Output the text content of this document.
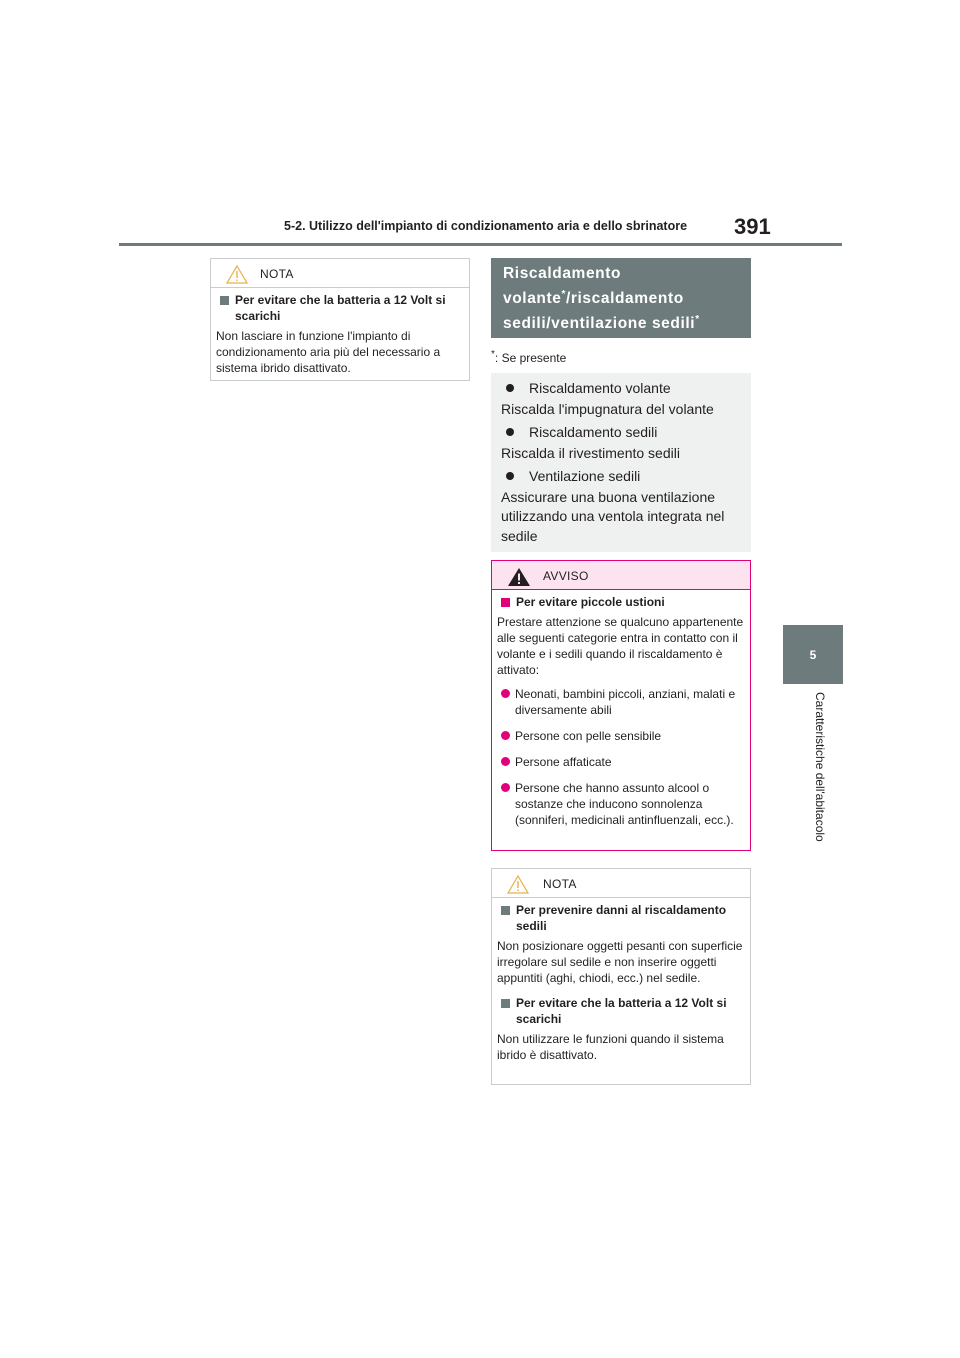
5-2. Utilizzo dell'impianto di condizionamento aria e dello sbrinatore 391
5
Caratteristiche dell'abitacolo
NOTA
Per evitare che la batteria a 12 Volt si scarichi
Non lasciare in funzione l'impianto di condizionamento aria più del necessario a sistema ibrido disattivato.
Riscaldamento
volante*/riscaldamento
sedili/ventilazione sedili*
*: Se presente
Riscaldamento volante
Riscalda l'impugnatura del volante
Riscaldamento sedili
Riscalda il rivestimento sedili
Ventilazione sedili
Assicurare una buona ventilazione utilizzando una ventola integrata nel sedile
AVVISO
Per evitare piccole ustioni
Prestare attenzione se qualcuno appartenente alle seguenti categorie entra in contatto con il volante e i sedili quando il riscaldamento è attivato:
Neonati, bambini piccoli, anziani, malati e diversamente abili
Persone con pelle sensibile
Persone affaticate
Persone che hanno assunto alcool o sostanze che inducono sonnolenza (sonniferi, medicinali antinfluenzali, ecc.).
NOTA
Per prevenire danni al riscaldamento sedili
Non posizionare oggetti pesanti con superficie irregolare sul sedile e non inserire oggetti appuntiti (aghi, chiodi, ecc.) nel sedile.
Per evitare che la batteria a 12 Volt si scarichi
Non utilizzare le funzioni quando il sistema ibrido è disattivato.
